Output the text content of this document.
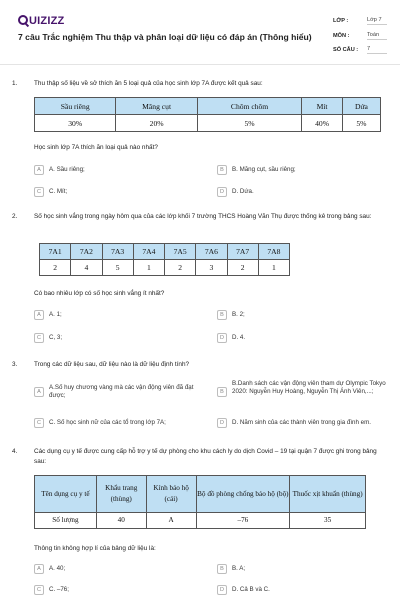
UIZIZZ
7 câu Trắc nghiệm Thu thập và phân loại dữ liệu có đáp án (Thông hiểu)
LỚP :	Lớp 7
MÔN :	Toán
SỐ CÂU : 7
1.	Thu thập số liệu về sở thích ăn 5 loại quả của học sinh lớp 7A được kết quả sau:
Sầu riêng	Măng cụt	Chôm chôm	Mít	Dứa
30%	20%	5%	40%	5%
Học sinh lớp 7A thích ăn loại quả nào nhất?
A	A. Sầu riêng;	B	B. Măng cụt, sầu riêng;
C	C. Mít;	D	D. Dứa.
2.	Số học sinh vắng trong ngày hôm qua của các lớp khối 7 trường THCS Hoàng Văn Thụ được thống kê trong bảng sau:
7A1	7A2	7A3	7A4	7A5	7A6	7A7	7A8
2	4	5	1	2	3	2	1
Có bao nhiêu lớp có số học sinh vắng ít nhất?
A	A. 1;	B	B. 2;
C	C, 3;	D	D. 4.
3.	Trong các dữ liệu sau, dữ liệu nào là dữ liệu định tính?
A
A.Số huy chương vàng mà các vận động viên đã đạt được;	B
B.Danh sách các vận động viên tham dự Olympic Tokyo 2020: Nguyễn Huy Hoàng, Nguyễn Thị Ánh Viên,...;
C	C. Số học sinh nữ của các tổ trong lớp 7A;	D	D. Năm sinh của các thành viên trong gia đình em.
4.	Các dụng cụ y tế được cung cấp hỗ trợ y tế dự phòng cho khu cách ly do dịch Covid – 19 tại quận 7 được ghi trong bảng sau:
Tên dụng cụ y tế	Khẩu trang (thùng)	Kính bảo hộ (cái)	Bộ đồ phòng chống bảo hộ (bộ)	Thuốc xịt khuẩn (thùng)
Số lượng	40	A	–76	35
Thông tin không hợp lí của bảng dữ liệu là:
A	A. 40;	B	B. A;
C	C. –76;	D	D. Cả B và C.
